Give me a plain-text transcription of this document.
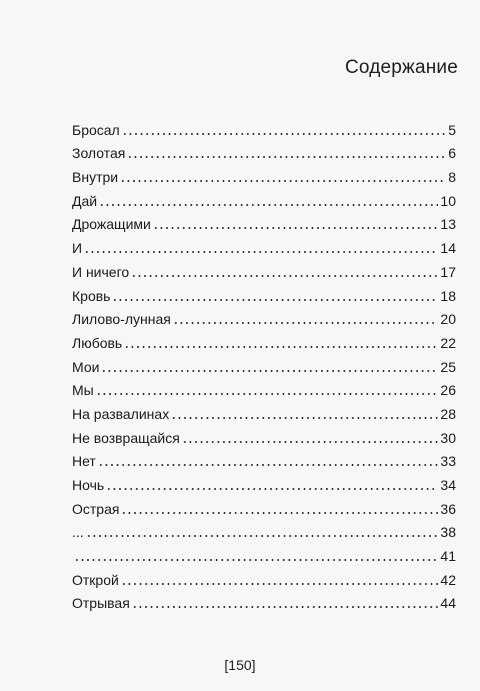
Содержание
Бросал	5
Золотая	6
Внутри	8
Дай	10
Дрожащими	13
И	14
И ничего	17
Кровь	18
Лилово-лунная	20
Любовь	22
Мои	25
Мы	26
На развалинах	28
Не возвращайся	30
Нет	33
Ночь	34
Острая	36
...	38
41
Открой	42
Отрывая	44
[150]
